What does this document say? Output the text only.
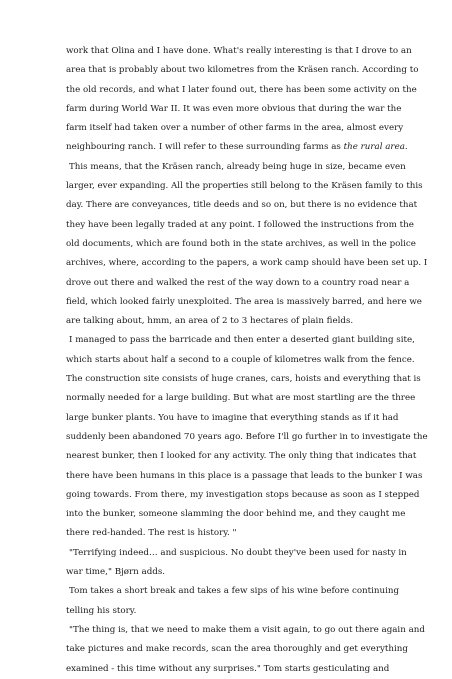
work that Olina and I have done. What's really interesting is that I drove to an
area that is probably about two kilometres from the Kräsen ranch. According to
the old records, and what I later found out, there has been some activity on the
farm during World War II. It was even more obvious that during the war the
farm itself had taken over a number of other farms in the area, almost every
neighbouring ranch. I will refer to these surrounding farms as the rural area.
This means, that the Kräsen ranch, already being huge in size, became even
larger, ever expanding. All the properties still belong to the Kräsen family to this
day. There are conveyances, title deeds and so on, but there is no evidence that
they have been legally traded at any point. I followed the instructions from the
old documents, which are found both in the state archives, as well in the police
archives, where, according to the papers, a work camp should have been set up. I
drove out there and walked the rest of the way down to a country road near a
field, which looked fairly unexploited. The area is massively barred, and here we
are talking about, hmm, an area of 2 to 3 hectares of plain fields.
I managed to pass the barricade and then enter a deserted giant building site,
which starts about half a second to a couple of kilometres walk from the fence.
The construction site consists of huge cranes, cars, hoists and everything that is
normally needed for a large building. But what are most startling are the three
large bunker plants. You have to imagine that everything stands as if it had
suddenly been abandoned 70 years ago. Before I'll go further in to investigate the
nearest bunker, then I looked for any activity. The only thing that indicates that
there have been humans in this place is a passage that leads to the bunker I was
going towards. From there, my investigation stops because as soon as I stepped
into the bunker, someone slamming the door behind me, and they caught me
there red-handed. The rest is history. "
"Terrifying indeed… and suspicious. No doubt they've been used for nasty in
war time," Bjørn adds.
Tom takes a short break and takes a few sips of his wine before continuing
telling his story.
"The thing is, that we need to make them a visit again, to go out there again and
take pictures and make records, scan the area thoroughly and get everything
examined - this time without any surprises." Tom starts gesticulating and
